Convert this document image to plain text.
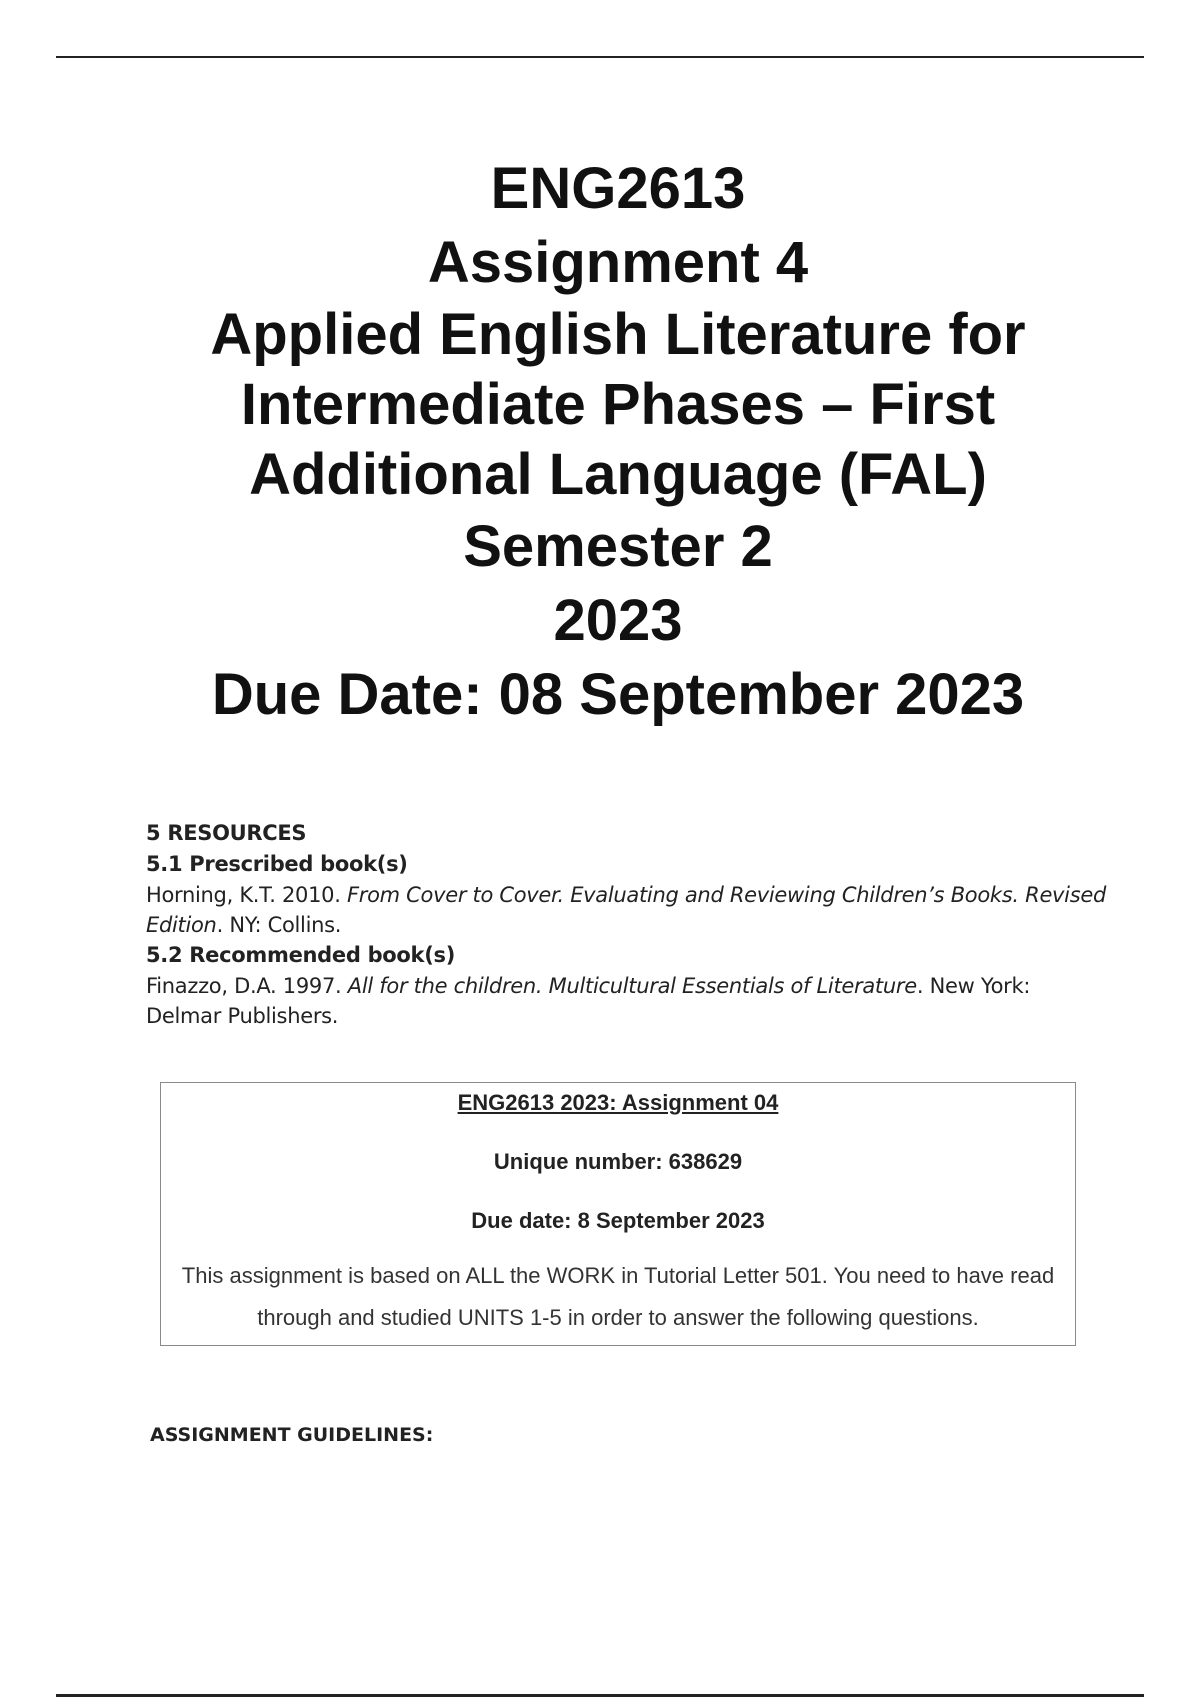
ENG2613
Assignment 4
Applied English Literature for
Intermediate Phases – First
Additional Language (FAL)
Semester 2
2023
Due Date: 08 September 2023
5 RESOURCES
5.1 Prescribed book(s)
Horning, K.T. 2010. From Cover to Cover. Evaluating and Reviewing Children’s Books. Revised Edition. NY: Collins.
5.2 Recommended book(s)
Finazzo, D.A. 1997. All for the children. Multicultural Essentials of Literature. New York: Delmar Publishers.
ENG2613 2023: Assignment 04
Unique number: 638629
Due date: 8 September 2023
This assignment is based on ALL the WORK in Tutorial Letter 501. You need to have read through and studied UNITS 1-5 in order to answer the following questions.
ASSIGNMENT GUIDELINES:
